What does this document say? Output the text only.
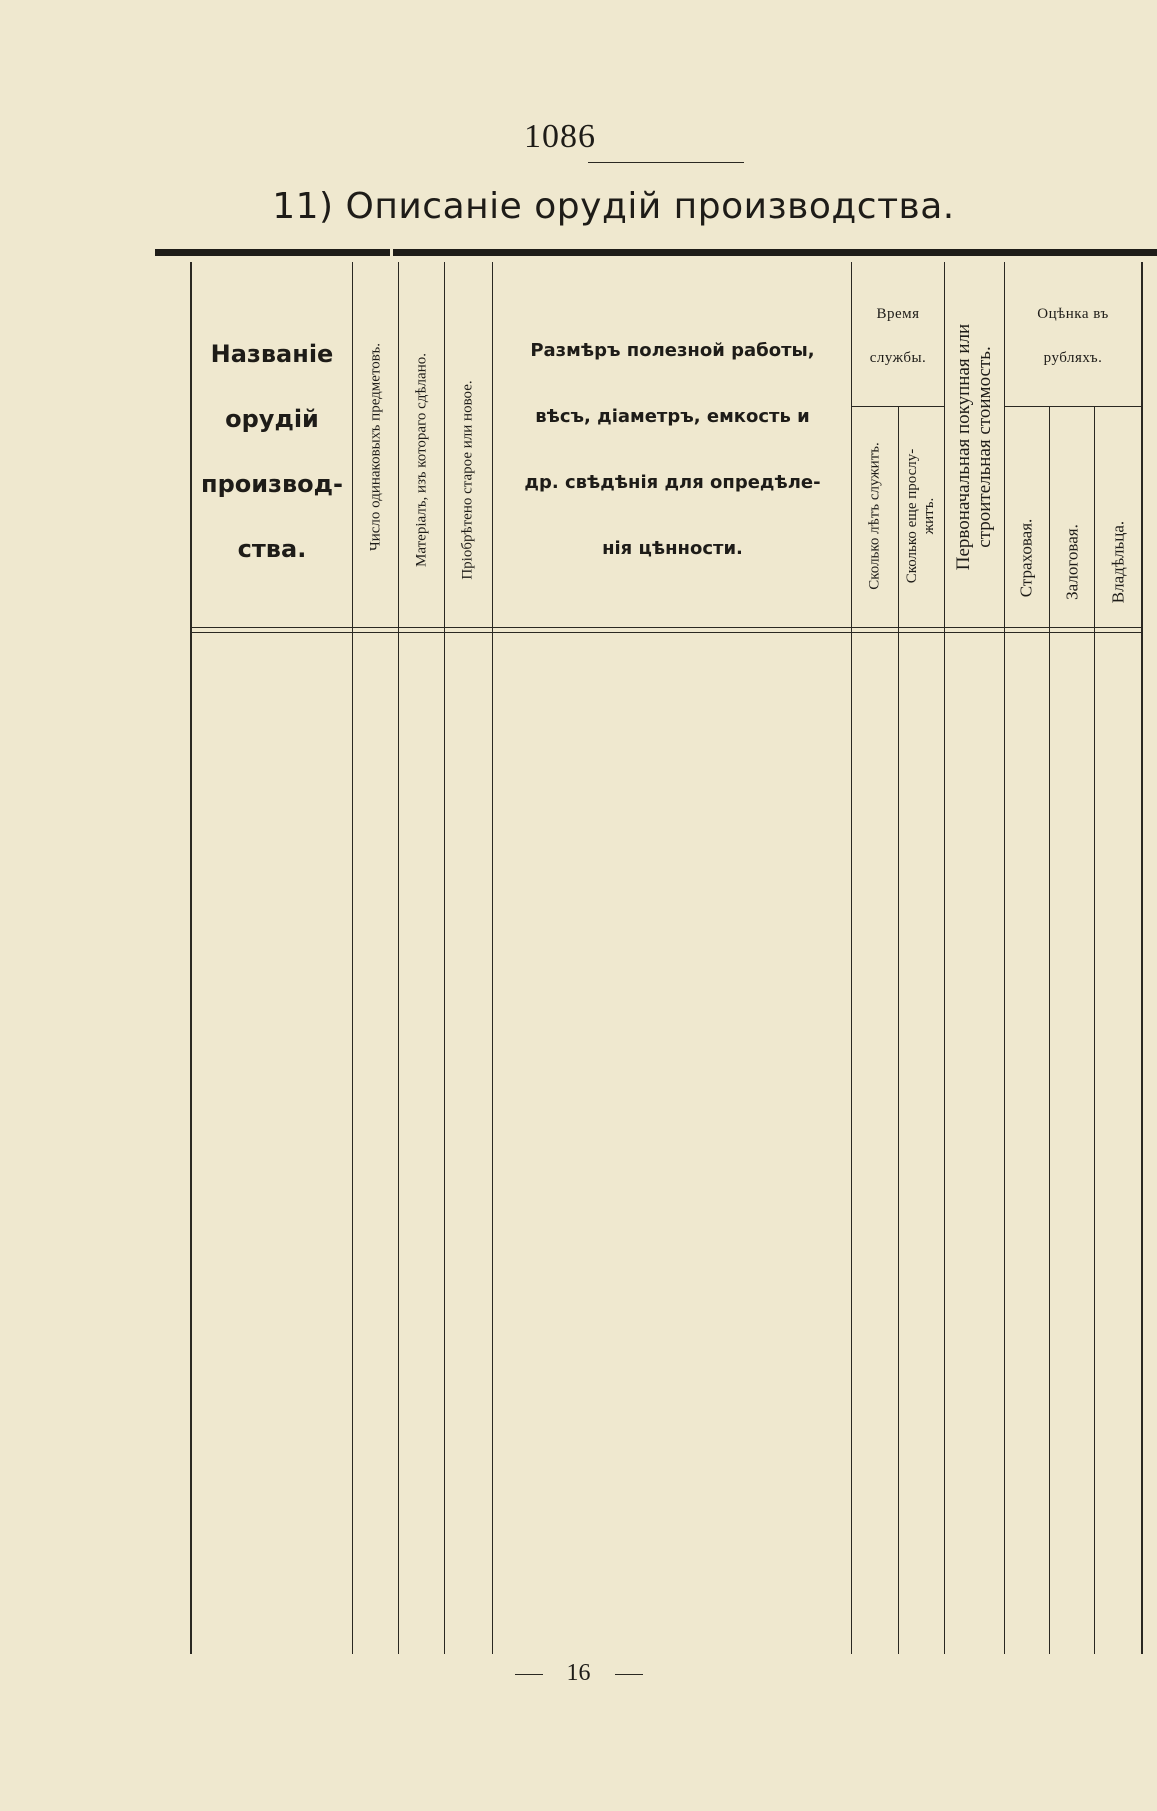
1086
11) Описаніе орудій производства.
Названіе
орудій
производ-
ства.	Число одинаковыхъ предметовъ. Матеріалъ, изъ котораго сдѣлано. Пріобрѣтено старое или новое.
Размѣръ полезной работы,
вѣсъ, діаметръ, емкость и
др. свѣдѣнія для опредѣле-
нія цѣнности.
Время
службы.
Сколько лѣтъ служитъ. Сколько еще прослу- житъ. Первоначальная покупная или строительная стоимость.
Оцѣнка въ
рубляхъ.
Страховая. Залоговая. Владѣльца.
16
